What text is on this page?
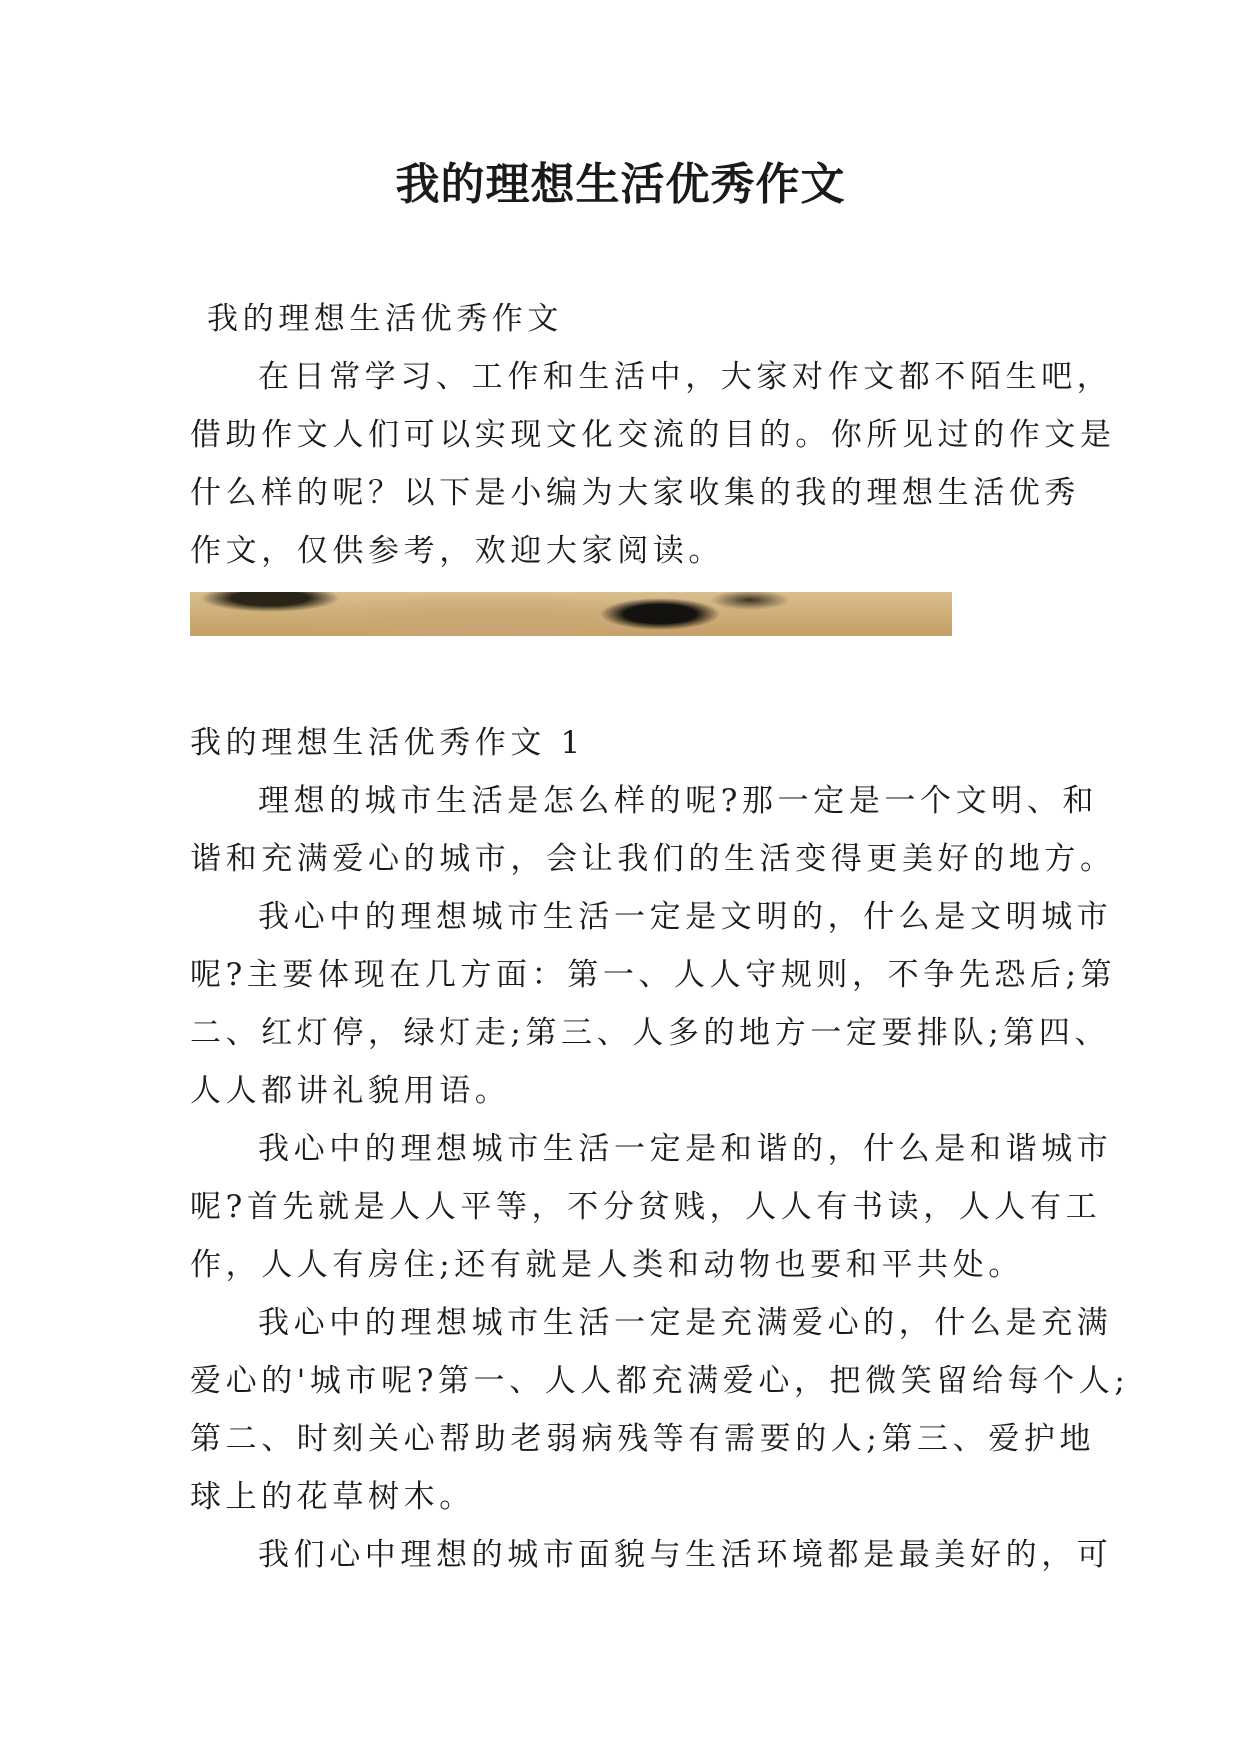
我的理想生活优秀作文

我的理想生活优秀作文

在日常学习、工作和生活中，大家对作文都不陌生吧，

借助作文人们可以实现文化交流的目的。你所见过的作文是

什么样的呢？以下是小编为大家收集的我的理想生活优秀

作文，仅供参考，欢迎大家阅读。

我的理想生活优秀作文 1

理想的城市生活是怎么样的呢?那一定是一个文明、和

谐和充满爱心的城市，会让我们的生活变得更美好的地方。

我心中的理想城市生活一定是文明的，什么是文明城市

呢?主要体现在几方面：第一、人人守规则，不争先恐后;第

二、红灯停，绿灯走;第三、人多的地方一定要排队;第四、

人人都讲礼貌用语。

我心中的理想城市生活一定是和谐的，什么是和谐城市

呢?首先就是人人平等，不分贫贱，人人有书读，人人有工

作，人人有房住;还有就是人类和动物也要和平共处。

我心中的理想城市生活一定是充满爱心的，什么是充满

爱心的'城市呢?第一、人人都充满爱心，把微笑留给每个人;

第二、时刻关心帮助老弱病残等有需要的人;第三、爱护地

球上的花草树木。

我们心中理想的城市面貌与生活环境都是最美好的，可
